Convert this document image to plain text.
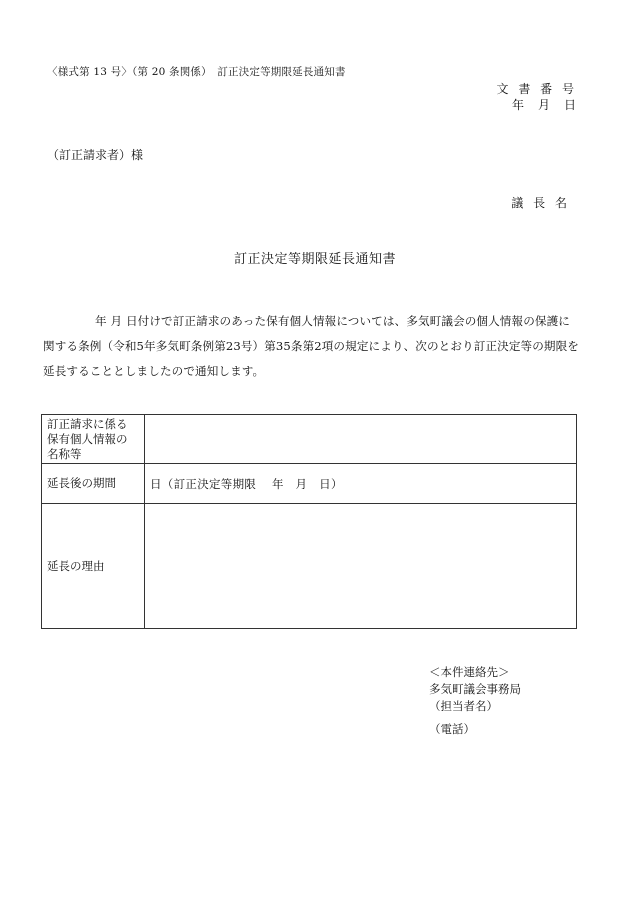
〈様式第 13 号〉（第 20 条関係）　訂正決定等期限延長通知書
文 書 番 号
年　月　日
（訂正請求者）様
議 長 名
訂正決定等期限延長通知書

年 月 日付けで訂正請求のあった保有個人情報については、多気町議会の個人情報の保護に

関する条例（令和5年多気町条例第23号）第35条第2項の規定により、次のとおり訂正決定等の期限を

延長することとしましたので通知します。

訂正請求に係る
保有個人情報の
名称等	

延長後の期間	日（訂正決定等期限　 年　月　日）
延長の理由	
＜本件連絡先＞
多気町議会事務局
（担当者名）
（電話）
